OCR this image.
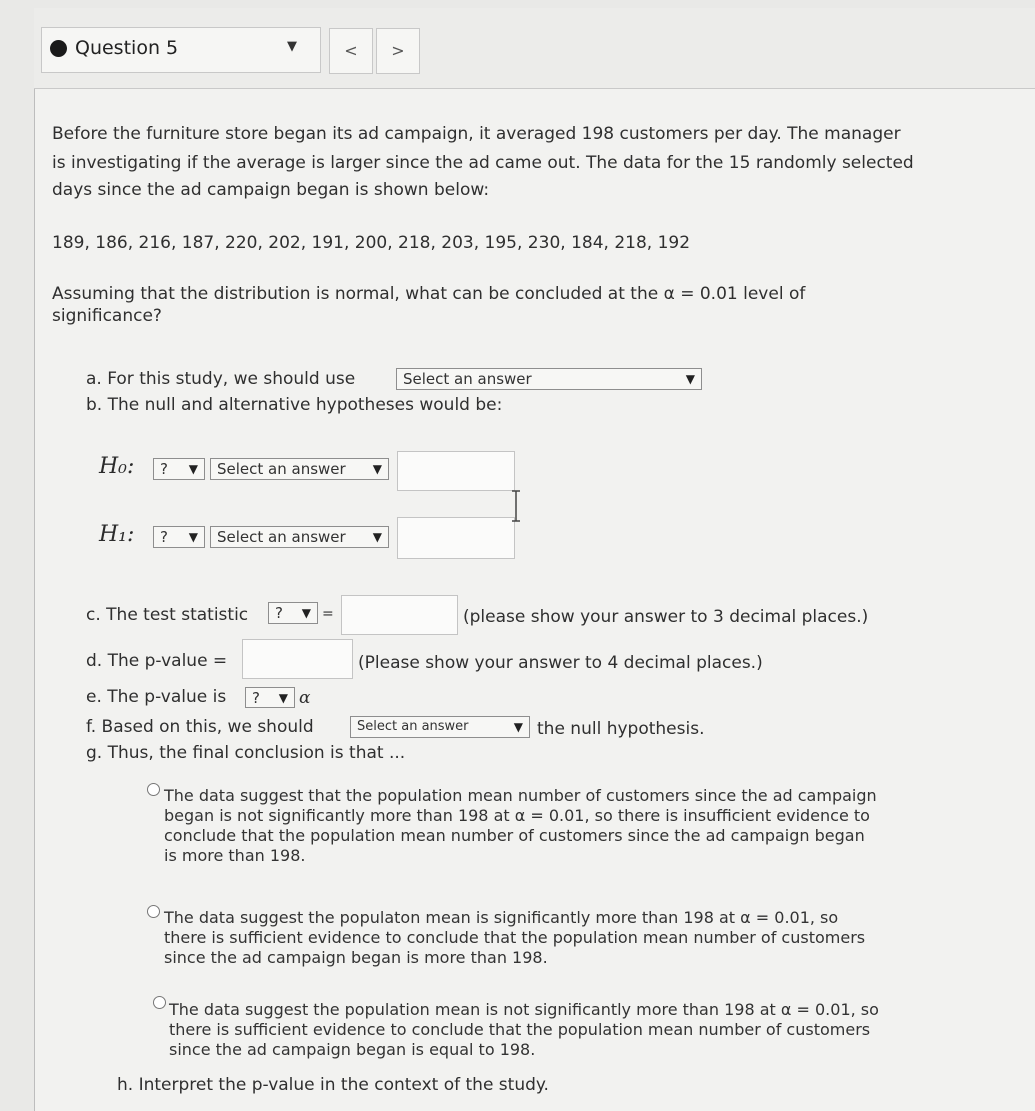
Question 5	▼	<	>
Before the furniture store began its ad campaign, it averaged 198 customers per day. The manager
is investigating if the average is larger since the ad came out. The data for the 15 randomly selected
days since the ad campaign began is shown below:
189, 186, 216, 187, 220, 202, 191, 200, 218, 203, 195, 230, 184, 218, 192
Assuming that the distribution is normal, what can be concluded at the α = 0.01 level of
significance?
a. For this study, we should use	Select an answer	▼
b. The null and alternative hypotheses would be:
H₀:	? ▼	Select an answer ▼
H₁:	? ▼	Select an answer ▼
c. The test statistic	? ▼ =	(please show your answer to 3 decimal places.)
d. The p-value =	(Please show your answer to 4 decimal places.)
e. The p-value is	? ▼ α
f. Based on this, we should	Select an answer	▼ the null hypothesis.
g. Thus, the final conclusion is that ...
The data suggest that the population mean number of customers since the ad campaign
began is not significantly more than 198 at α = 0.01, so there is insufficient evidence to
conclude that the population mean number of customers since the ad campaign began
is more than 198.
The data suggest the populaton mean is significantly more than 198 at α = 0.01, so
there is sufficient evidence to conclude that the population mean number of customers
since the ad campaign began is more than 198.
The data suggest the population mean is not significantly more than 198 at α = 0.01, so
there is sufficient evidence to conclude that the population mean number of customers
since the ad campaign began is equal to 198.
h. Interpret the p-value in the context of the study.
